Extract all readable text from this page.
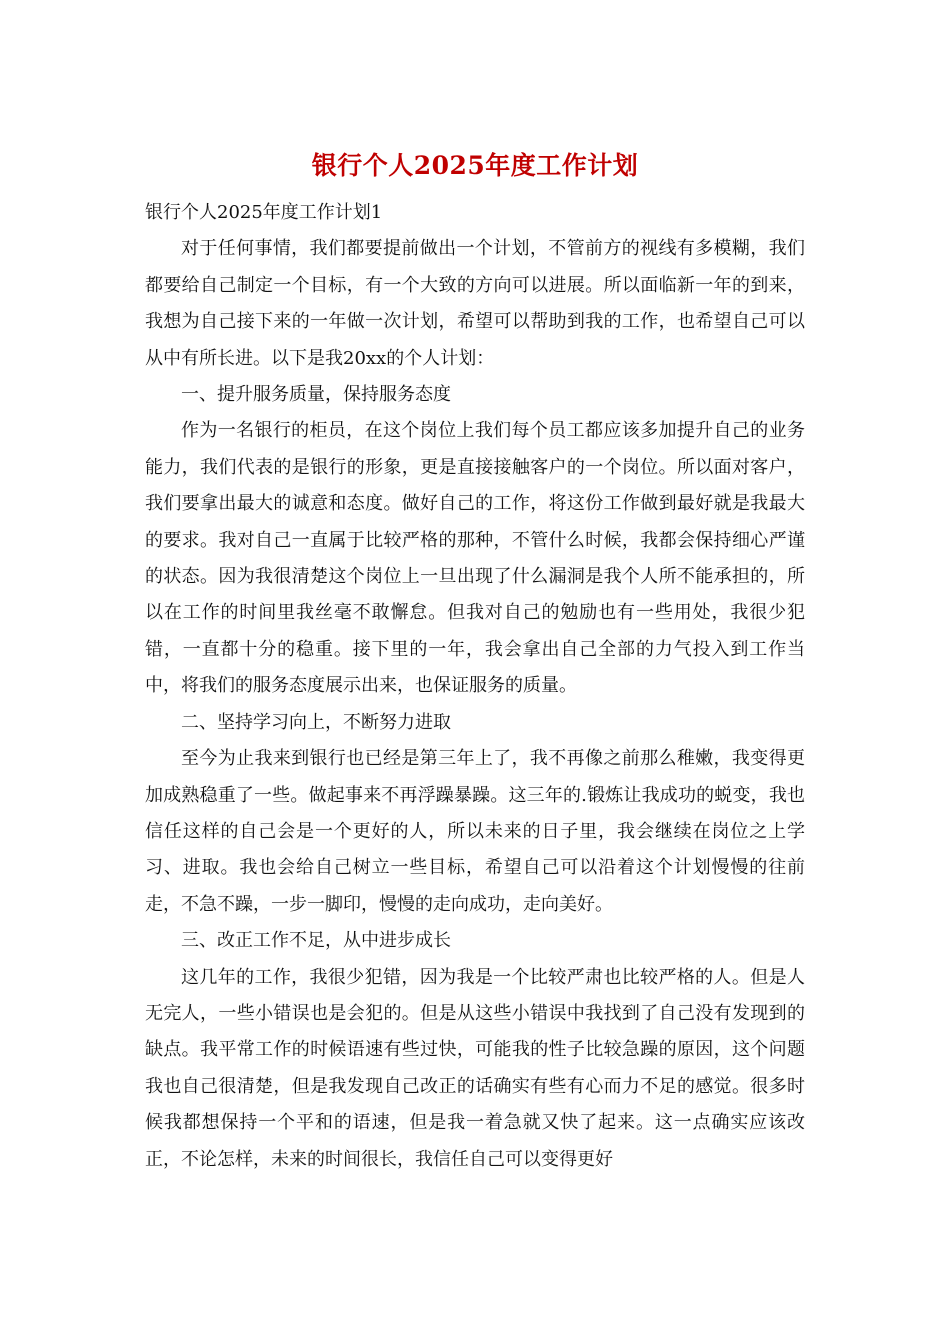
银行个人2025年度工作计划

银行个人2025年度工作计划1

对于任何事情，我们都要提前做出一个计划，不管前方的视线有多模糊，我们都要给自己制定一个目标，有一个大致的方向可以进展。所以面临新一年的到来，我想为自己接下来的一年做一次计划，希望可以帮助到我的工作，也希望自己可以从中有所长进。以下是我20xx的个人计划：

一、提升服务质量，保持服务态度

作为一名银行的柜员，在这个岗位上我们每个员工都应该多加提升自己的业务能力，我们代表的是银行的形象，更是直接接触客户的一个岗位。所以面对客户，我们要拿出最大的诚意和态度。做好自己的工作，将这份工作做到最好就是我最大的要求。我对自己一直属于比较严格的那种，不管什么时候，我都会保持细心严谨的状态。因为我很清楚这个岗位上一旦出现了什么漏洞是我个人所不能承担的，所以在工作的时间里我丝毫不敢懈怠。但我对自己的勉励也有一些用处，我很少犯错，一直都十分的稳重。接下里的一年，我会拿出自己全部的力气投入到工作当中，将我们的服务态度展示出来，也保证服务的质量。

二、坚持学习向上，不断努力进取

至今为止我来到银行也已经是第三年上了，我不再像之前那么稚嫩，我变得更加成熟稳重了一些。做起事来不再浮躁暴躁。这三年的.锻炼让我成功的蜕变，我也信任这样的自己会是一个更好的人，所以未来的日子里，我会继续在岗位之上学习、进取。我也会给自己树立一些目标，希望自己可以沿着这个计划慢慢的往前走，不急不躁，一步一脚印，慢慢的走向成功，走向美好。

三、改正工作不足，从中进步成长

这几年的工作，我很少犯错，因为我是一个比较严肃也比较严格的人。但是人无完人，一些小错误也是会犯的。但是从这些小错误中我找到了自己没有发现到的缺点。我平常工作的时候语速有些过快，可能我的性子比较急躁的原因，这个问题我也自己很清楚，但是我发现自己改正的话确实有些有心而力不足的感觉。很多时候我都想保持一个平和的语速，但是我一着急就又快了起来。这一点确实应该改正，不论怎样，未来的时间很长，我信任自己可以变得更好
